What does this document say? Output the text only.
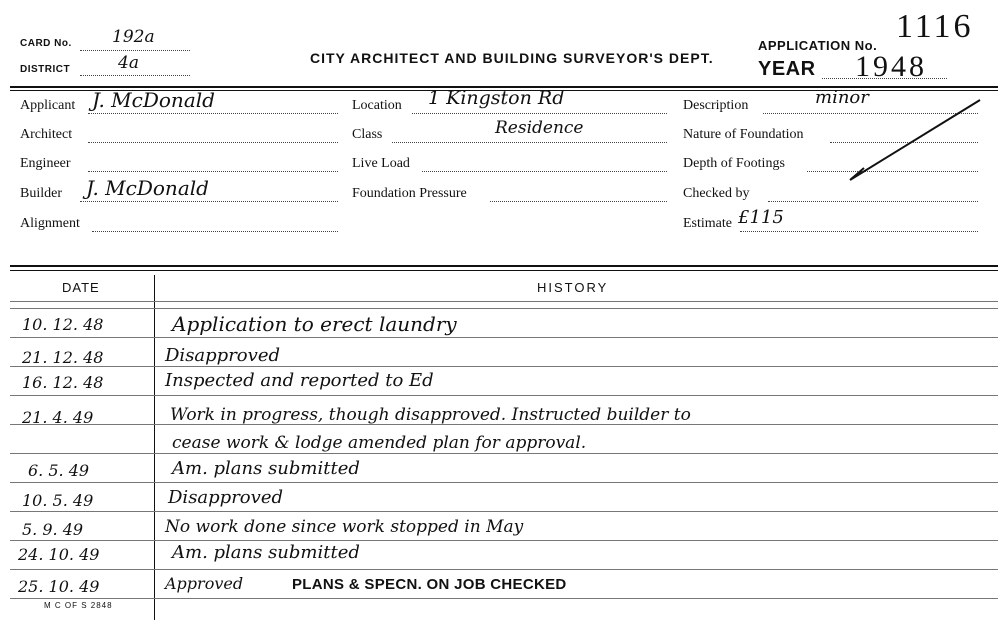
CARD No. 192a
DISTRICT	4a	CITY ARCHITECT AND BUILDING SURVEYOR'S DEPT.
APPLICATION No.
1116
YEAR 1948
Applicant J. McDonald
Architect
Engineer
Builder J. McDonald
Alignment
Location 1 Kingston Rd
Class	Residence
Live Load
Foundation Pressure
Description	minor
Nature of Foundation
Depth of Footings
Checked by
Estimate £115
DATE	HISTORY
10. 12. 48	Application to erect laundry
21. 12. 48	Disapproved
16. 12. 48	Inspected and reported to Ed
21. 4. 49	Work in progress, though disapproved. Instructed builder to
cease work & lodge amended plan for approval.
6. 5. 49	Am. plans submitted
10. 5. 49	Disapproved
5. 9. 49	No work done since work stopped in May
24. 10. 49	Am. plans submitted
25. 10. 49	Approved	PLANS & SPECN. ON JOB CHECKED
M C OF S 2848
